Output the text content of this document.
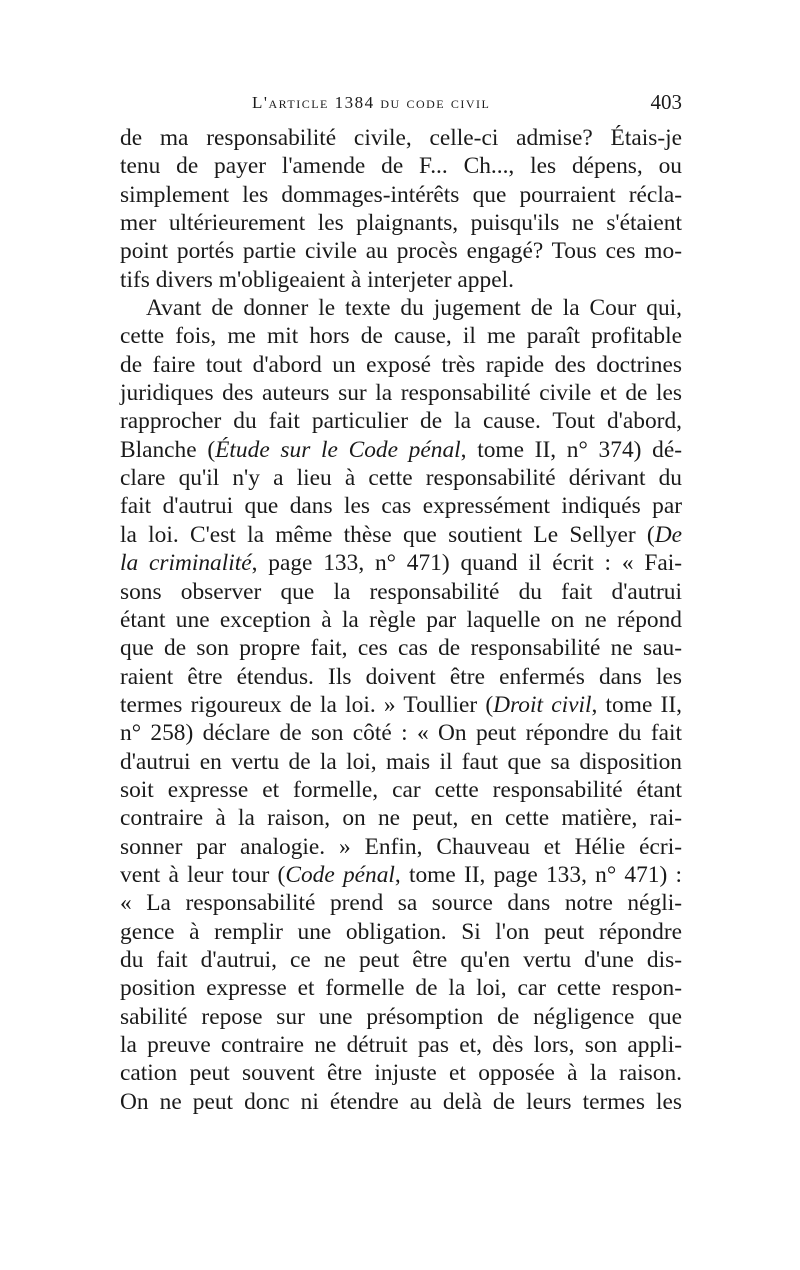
L'article 1384 du code civil	403
de ma responsabilité civile, celle-ci admise? Étais-je
tenu de payer l'amende de F... Ch..., les dépens, ou
simplement les dommages-intérêts que pourraient récla-
mer ultérieurement les plaignants, puisqu'ils ne s'étaient
point portés partie civile au procès engagé? Tous ces mo-
tifs divers m'obligeaient à interjeter appel.
Avant de donner le texte du jugement de la Cour qui,
cette fois, me mit hors de cause, il me paraît profitable
de faire tout d'abord un exposé très rapide des doctrines
juridiques des auteurs sur la responsabilité civile et de les
rapprocher du fait particulier de la cause. Tout d'abord,
Blanche (Étude sur le Code pénal, tome II, n° 374) dé-
clare qu'il n'y a lieu à cette responsabilité dérivant du
fait d'autrui que dans les cas expressément indiqués par
la loi. C'est la même thèse que soutient Le Sellyer (De
la criminalité, page 133, n° 471) quand il écrit : « Fai-
sons observer que la responsabilité du fait d'autrui
étant une exception à la règle par laquelle on ne répond
que de son propre fait, ces cas de responsabilité ne sau-
raient être étendus. Ils doivent être enfermés dans les
termes rigoureux de la loi. » Toullier (Droit civil, tome II,
n° 258) déclare de son côté : « On peut répondre du fait
d'autrui en vertu de la loi, mais il faut que sa disposition
soit expresse et formelle, car cette responsabilité étant
contraire à la raison, on ne peut, en cette matière, rai-
sonner par analogie. » Enfin, Chauveau et Hélie écri-
vent à leur tour (Code pénal, tome II, page 133, n° 471) :
« La responsabilité prend sa source dans notre négli-
gence à remplir une obligation. Si l'on peut répondre
du fait d'autrui, ce ne peut être qu'en vertu d'une dis-
position expresse et formelle de la loi, car cette respon-
sabilité repose sur une présomption de négligence que
la preuve contraire ne détruit pas et, dès lors, son appli-
cation peut souvent être injuste et opposée à la raison.
On ne peut donc ni étendre au delà de leurs termes les
